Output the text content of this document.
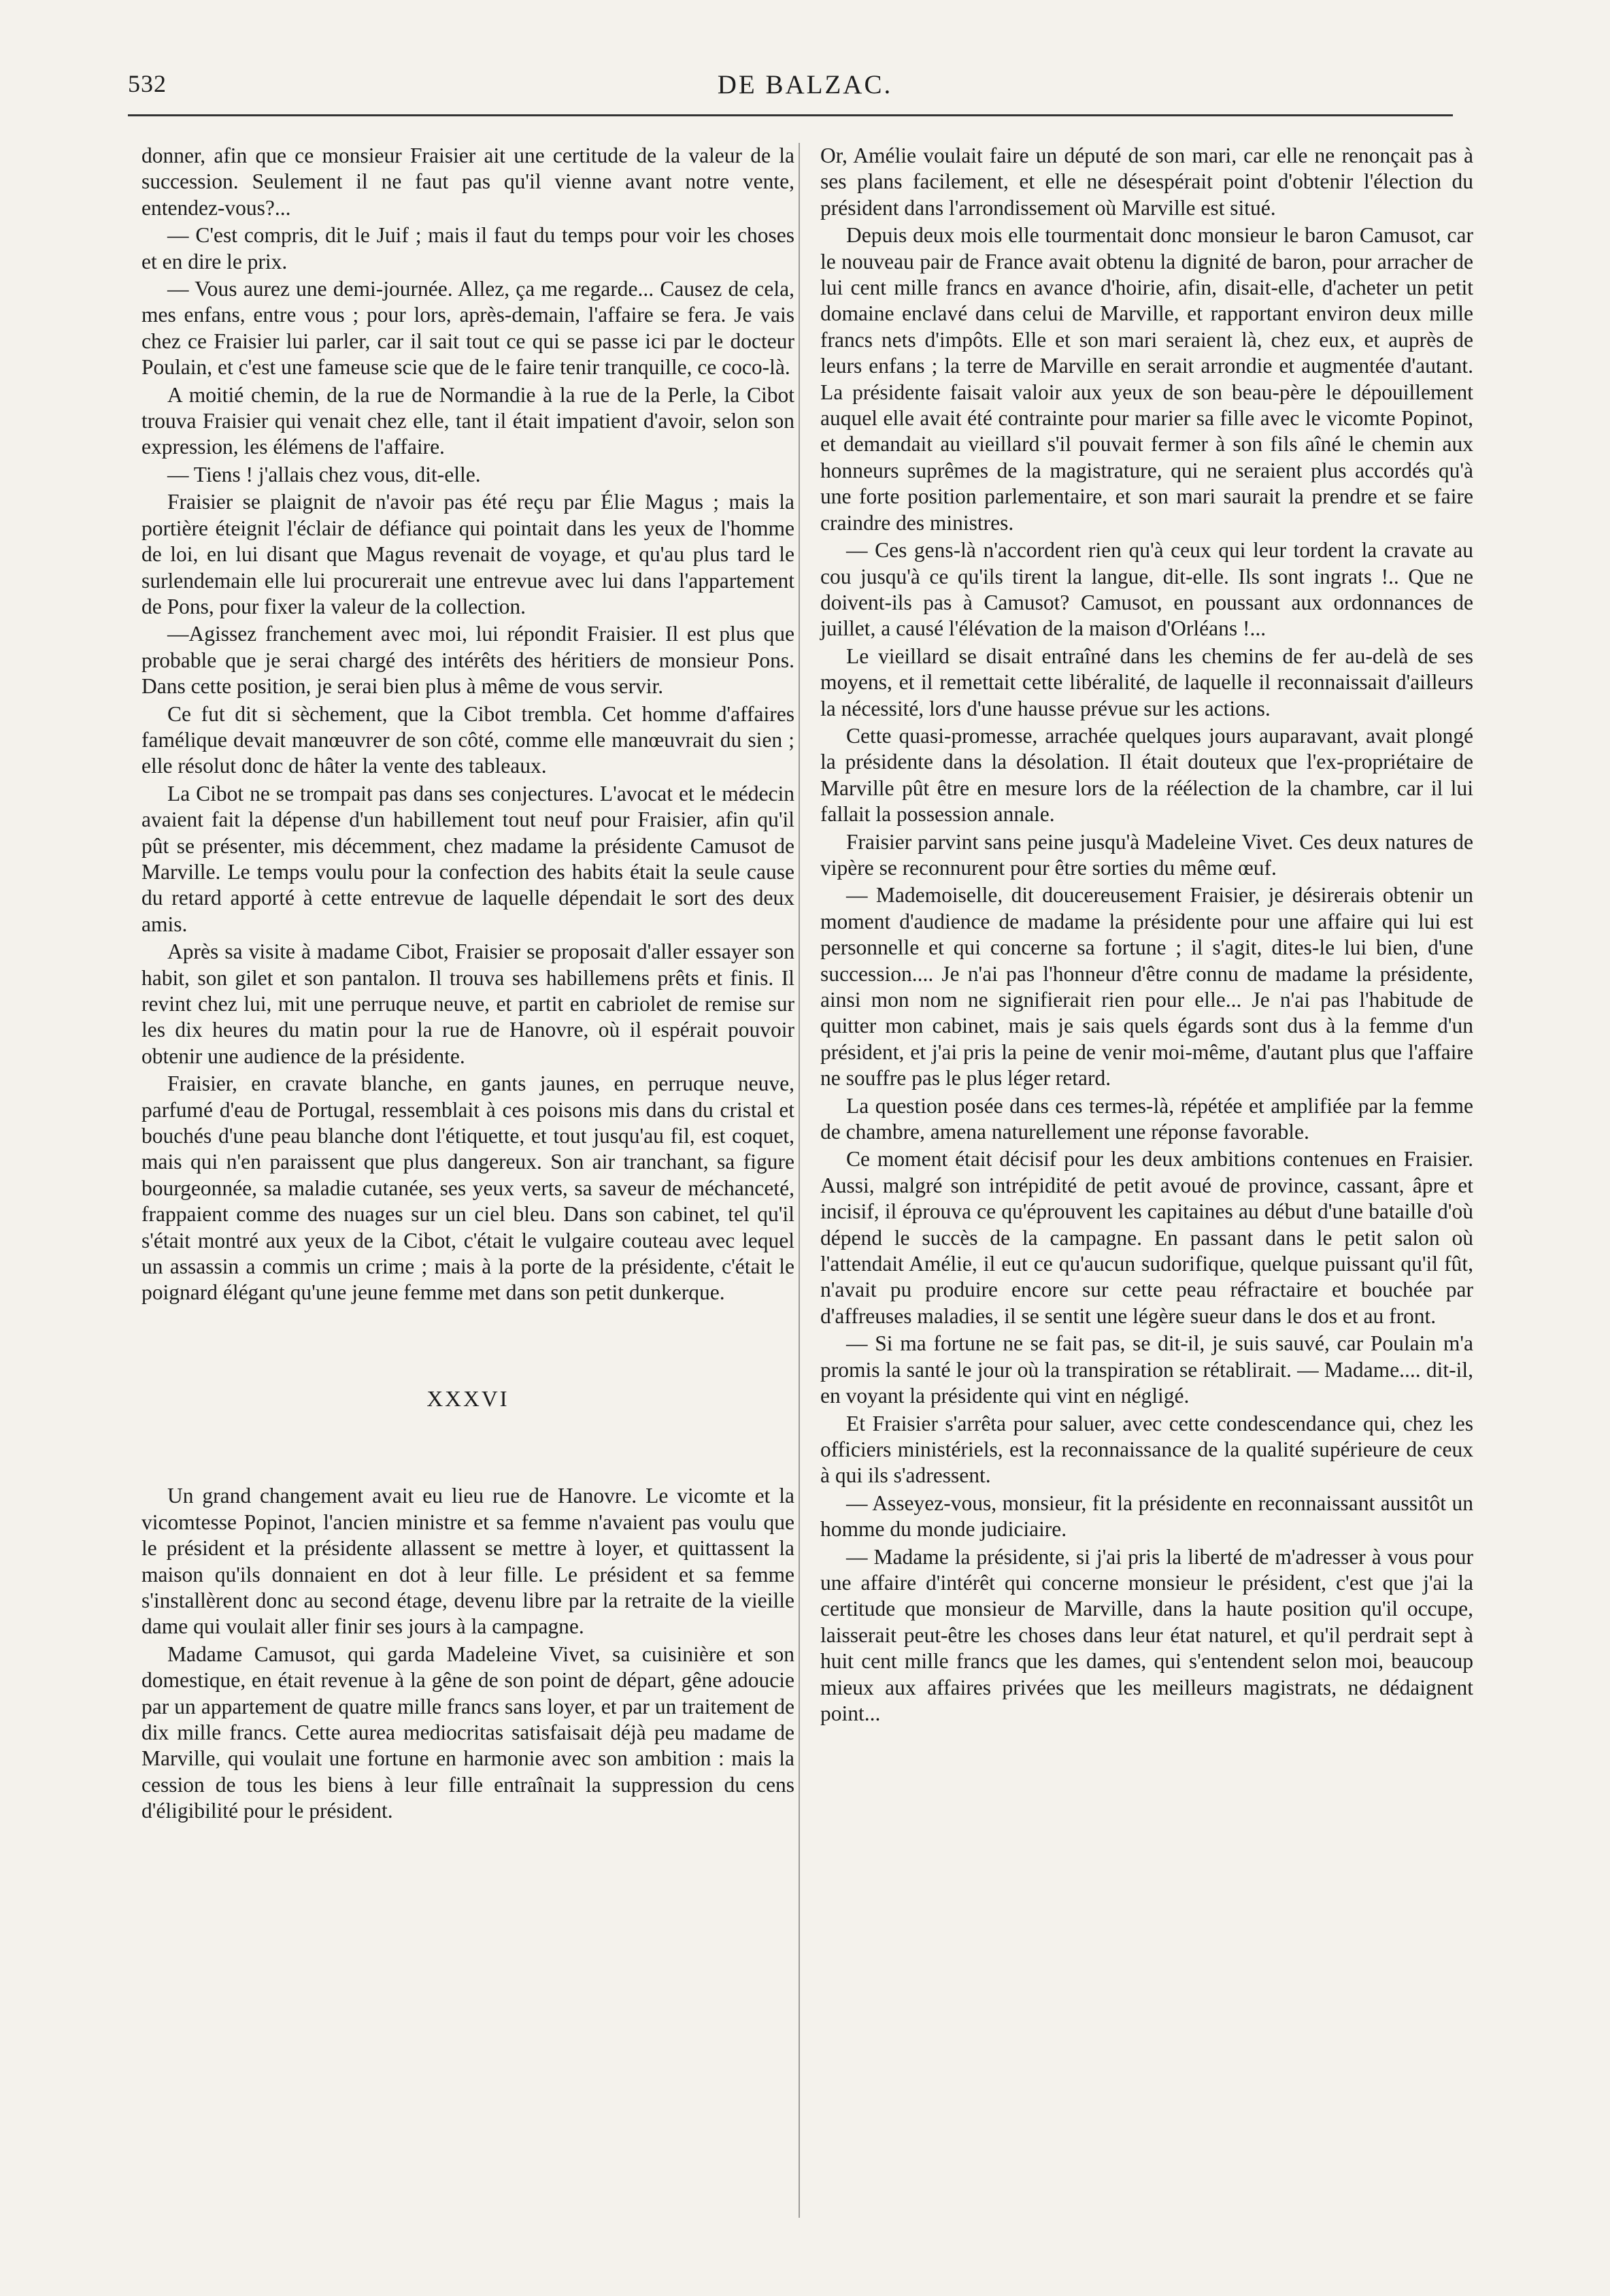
532	DE BALZAC.

donner, afin que ce monsieur Fraisier ait une certitude de la valeur de la succession. Seulement il ne faut pas qu'il vienne avant notre vente, entendez-vous?...

— C'est compris, dit le Juif ; mais il faut du temps pour voir les choses et en dire le prix.

— Vous aurez une demi-journée. Allez, ça me regarde... Causez de cela, mes enfans, entre vous ; pour lors, après-demain, l'affaire se fera. Je vais chez ce Fraisier lui parler, car il sait tout ce qui se passe ici par le docteur Poulain, et c'est une fameuse scie que de le faire tenir tranquille, ce coco-là.

A moitié chemin, de la rue de Normandie à la rue de la Perle, la Cibot trouva Fraisier qui venait chez elle, tant il était impatient d'avoir, selon son expression, les élémens de l'affaire.

— Tiens ! j'allais chez vous, dit-elle.

Fraisier se plaignit de n'avoir pas été reçu par Élie Magus ; mais la portière éteignit l'éclair de défiance qui pointait dans les yeux de l'homme de loi, en lui disant que Magus revenait de voyage, et qu'au plus tard le surlendemain elle lui procurerait une entrevue avec lui dans l'appartement de Pons, pour fixer la valeur de la collection.

—Agissez franchement avec moi, lui répondit Fraisier. Il est plus que probable que je serai chargé des intérêts des héritiers de monsieur Pons. Dans cette position, je serai bien plus à même de vous servir.

Ce fut dit si sèchement, que la Cibot trembla. Cet homme d'affaires famélique devait manœuvrer de son côté, comme elle manœuvrait du sien ; elle résolut donc de hâter la vente des tableaux.

La Cibot ne se trompait pas dans ses conjectures. L'avocat et le médecin avaient fait la dépense d'un habillement tout neuf pour Fraisier, afin qu'il pût se présenter, mis décemment, chez madame la présidente Camusot de Marville. Le temps voulu pour la confection des habits était la seule cause du retard apporté à cette entrevue de laquelle dépendait le sort des deux amis.

Après sa visite à madame Cibot, Fraisier se proposait d'aller essayer son habit, son gilet et son pantalon. Il trouva ses habillemens prêts et finis. Il revint chez lui, mit une perruque neuve, et partit en cabriolet de remise sur les dix heures du matin pour la rue de Hanovre, où il espérait pouvoir obtenir une audience de la présidente.

Fraisier, en cravate blanche, en gants jaunes, en perruque neuve, parfumé d'eau de Portugal, ressemblait à ces poisons mis dans du cristal et bouchés d'une peau blanche dont l'étiquette, et tout jusqu'au fil, est coquet, mais qui n'en paraissent que plus dangereux. Son air tranchant, sa figure bourgeonnée, sa maladie cutanée, ses yeux verts, sa saveur de méchanceté, frappaient comme des nuages sur un ciel bleu. Dans son cabinet, tel qu'il s'était montré aux yeux de la Cibot, c'était le vulgaire couteau avec lequel un assassin a commis un crime ; mais à la porte de la présidente, c'était le poignard élégant qu'une jeune femme met dans son petit dunkerque.

XXXVI

Un grand changement avait eu lieu rue de Hanovre. Le vicomte et la vicomtesse Popinot, l'ancien ministre et sa femme n'avaient pas voulu que le président et la présidente allassent se mettre à loyer, et quittassent la maison qu'ils donnaient en dot à leur fille. Le président et sa femme s'installèrent donc au second étage, devenu libre par la retraite de la vieille dame qui voulait aller finir ses jours à la campagne.

Madame Camusot, qui garda Madeleine Vivet, sa cuisinière et son domestique, en était revenue à la gêne de son point de départ, gêne adoucie par un appartement de quatre mille francs sans loyer, et par un traitement de dix mille francs. Cette aurea mediocritas satisfaisait déjà peu madame de Marville, qui voulait une fortune en harmonie avec son ambition : mais la cession de tous les biens à leur fille entraînait la suppression du cens d'éligibilité pour le président.

Or, Amélie voulait faire un député de son mari, car elle ne renonçait pas à ses plans facilement, et elle ne désespérait point d'obtenir l'élection du président dans l'arrondissement où Marville est situé.

Depuis deux mois elle tourmentait donc monsieur le baron Camusot, car le nouveau pair de France avait obtenu la dignité de baron, pour arracher de lui cent mille francs en avance d'hoirie, afin, disait-elle, d'acheter un petit domaine enclavé dans celui de Marville, et rapportant environ deux mille francs nets d'impôts. Elle et son mari seraient là, chez eux, et auprès de leurs enfans ; la terre de Marville en serait arrondie et augmentée d'autant. La présidente faisait valoir aux yeux de son beau-père le dépouillement auquel elle avait été contrainte pour marier sa fille avec le vicomte Popinot, et demandait au vieillard s'il pouvait fermer à son fils aîné le chemin aux honneurs suprêmes de la magistrature, qui ne seraient plus accordés qu'à une forte position parlementaire, et son mari saurait la prendre et se faire craindre des ministres.

— Ces gens-là n'accordent rien qu'à ceux qui leur tordent la cravate au cou jusqu'à ce qu'ils tirent la langue, dit-elle. Ils sont ingrats !.. Que ne doivent-ils pas à Camusot? Camusot, en poussant aux ordonnances de juillet, a causé l'élévation de la maison d'Orléans !...

Le vieillard se disait entraîné dans les chemins de fer au-delà de ses moyens, et il remettait cette libéralité, de laquelle il reconnaissait d'ailleurs la nécessité, lors d'une hausse prévue sur les actions.

Cette quasi-promesse, arrachée quelques jours auparavant, avait plongé la présidente dans la désolation. Il était douteux que l'ex-propriétaire de Marville pût être en mesure lors de la réélection de la chambre, car il lui fallait la possession annale.

Fraisier parvint sans peine jusqu'à Madeleine Vivet. Ces deux natures de vipère se reconnurent pour être sorties du même œuf.

— Mademoiselle, dit doucereusement Fraisier, je désirerais obtenir un moment d'audience de madame la présidente pour une affaire qui lui est personnelle et qui concerne sa fortune ; il s'agit, dites-le lui bien, d'une succession.... Je n'ai pas l'honneur d'être connu de madame la présidente, ainsi mon nom ne signifierait rien pour elle... Je n'ai pas l'habitude de quitter mon cabinet, mais je sais quels égards sont dus à la femme d'un président, et j'ai pris la peine de venir moi-même, d'autant plus que l'affaire ne souffre pas le plus léger retard.

La question posée dans ces termes-là, répétée et amplifiée par la femme de chambre, amena naturellement une réponse favorable.

Ce moment était décisif pour les deux ambitions contenues en Fraisier. Aussi, malgré son intrépidité de petit avoué de province, cassant, âpre et incisif, il éprouva ce qu'éprouvent les capitaines au début d'une bataille d'où dépend le succès de la campagne. En passant dans le petit salon où l'attendait Amélie, il eut ce qu'aucun sudorifique, quelque puissant qu'il fût, n'avait pu produire encore sur cette peau réfractaire et bouchée par d'affreuses maladies, il se sentit une légère sueur dans le dos et au front.

— Si ma fortune ne se fait pas, se dit-il, je suis sauvé, car Poulain m'a promis la santé le jour où la transpiration se rétablirait. — Madame.... dit-il, en voyant la présidente qui vint en négligé.

Et Fraisier s'arrêta pour saluer, avec cette condescendance qui, chez les officiers ministériels, est la reconnaissance de la qualité supérieure de ceux à qui ils s'adressent.

— Asseyez-vous, monsieur, fit la présidente en reconnaissant aussitôt un homme du monde judiciaire.

— Madame la présidente, si j'ai pris la liberté de m'adresser à vous pour une affaire d'intérêt qui concerne monsieur le président, c'est que j'ai la certitude que monsieur de Marville, dans la haute position qu'il occupe, laisserait peut-être les choses dans leur état naturel, et qu'il perdrait sept à huit cent mille francs que les dames, qui s'entendent selon moi, beaucoup mieux aux affaires privées que les meilleurs magistrats, ne dédaignent point...
